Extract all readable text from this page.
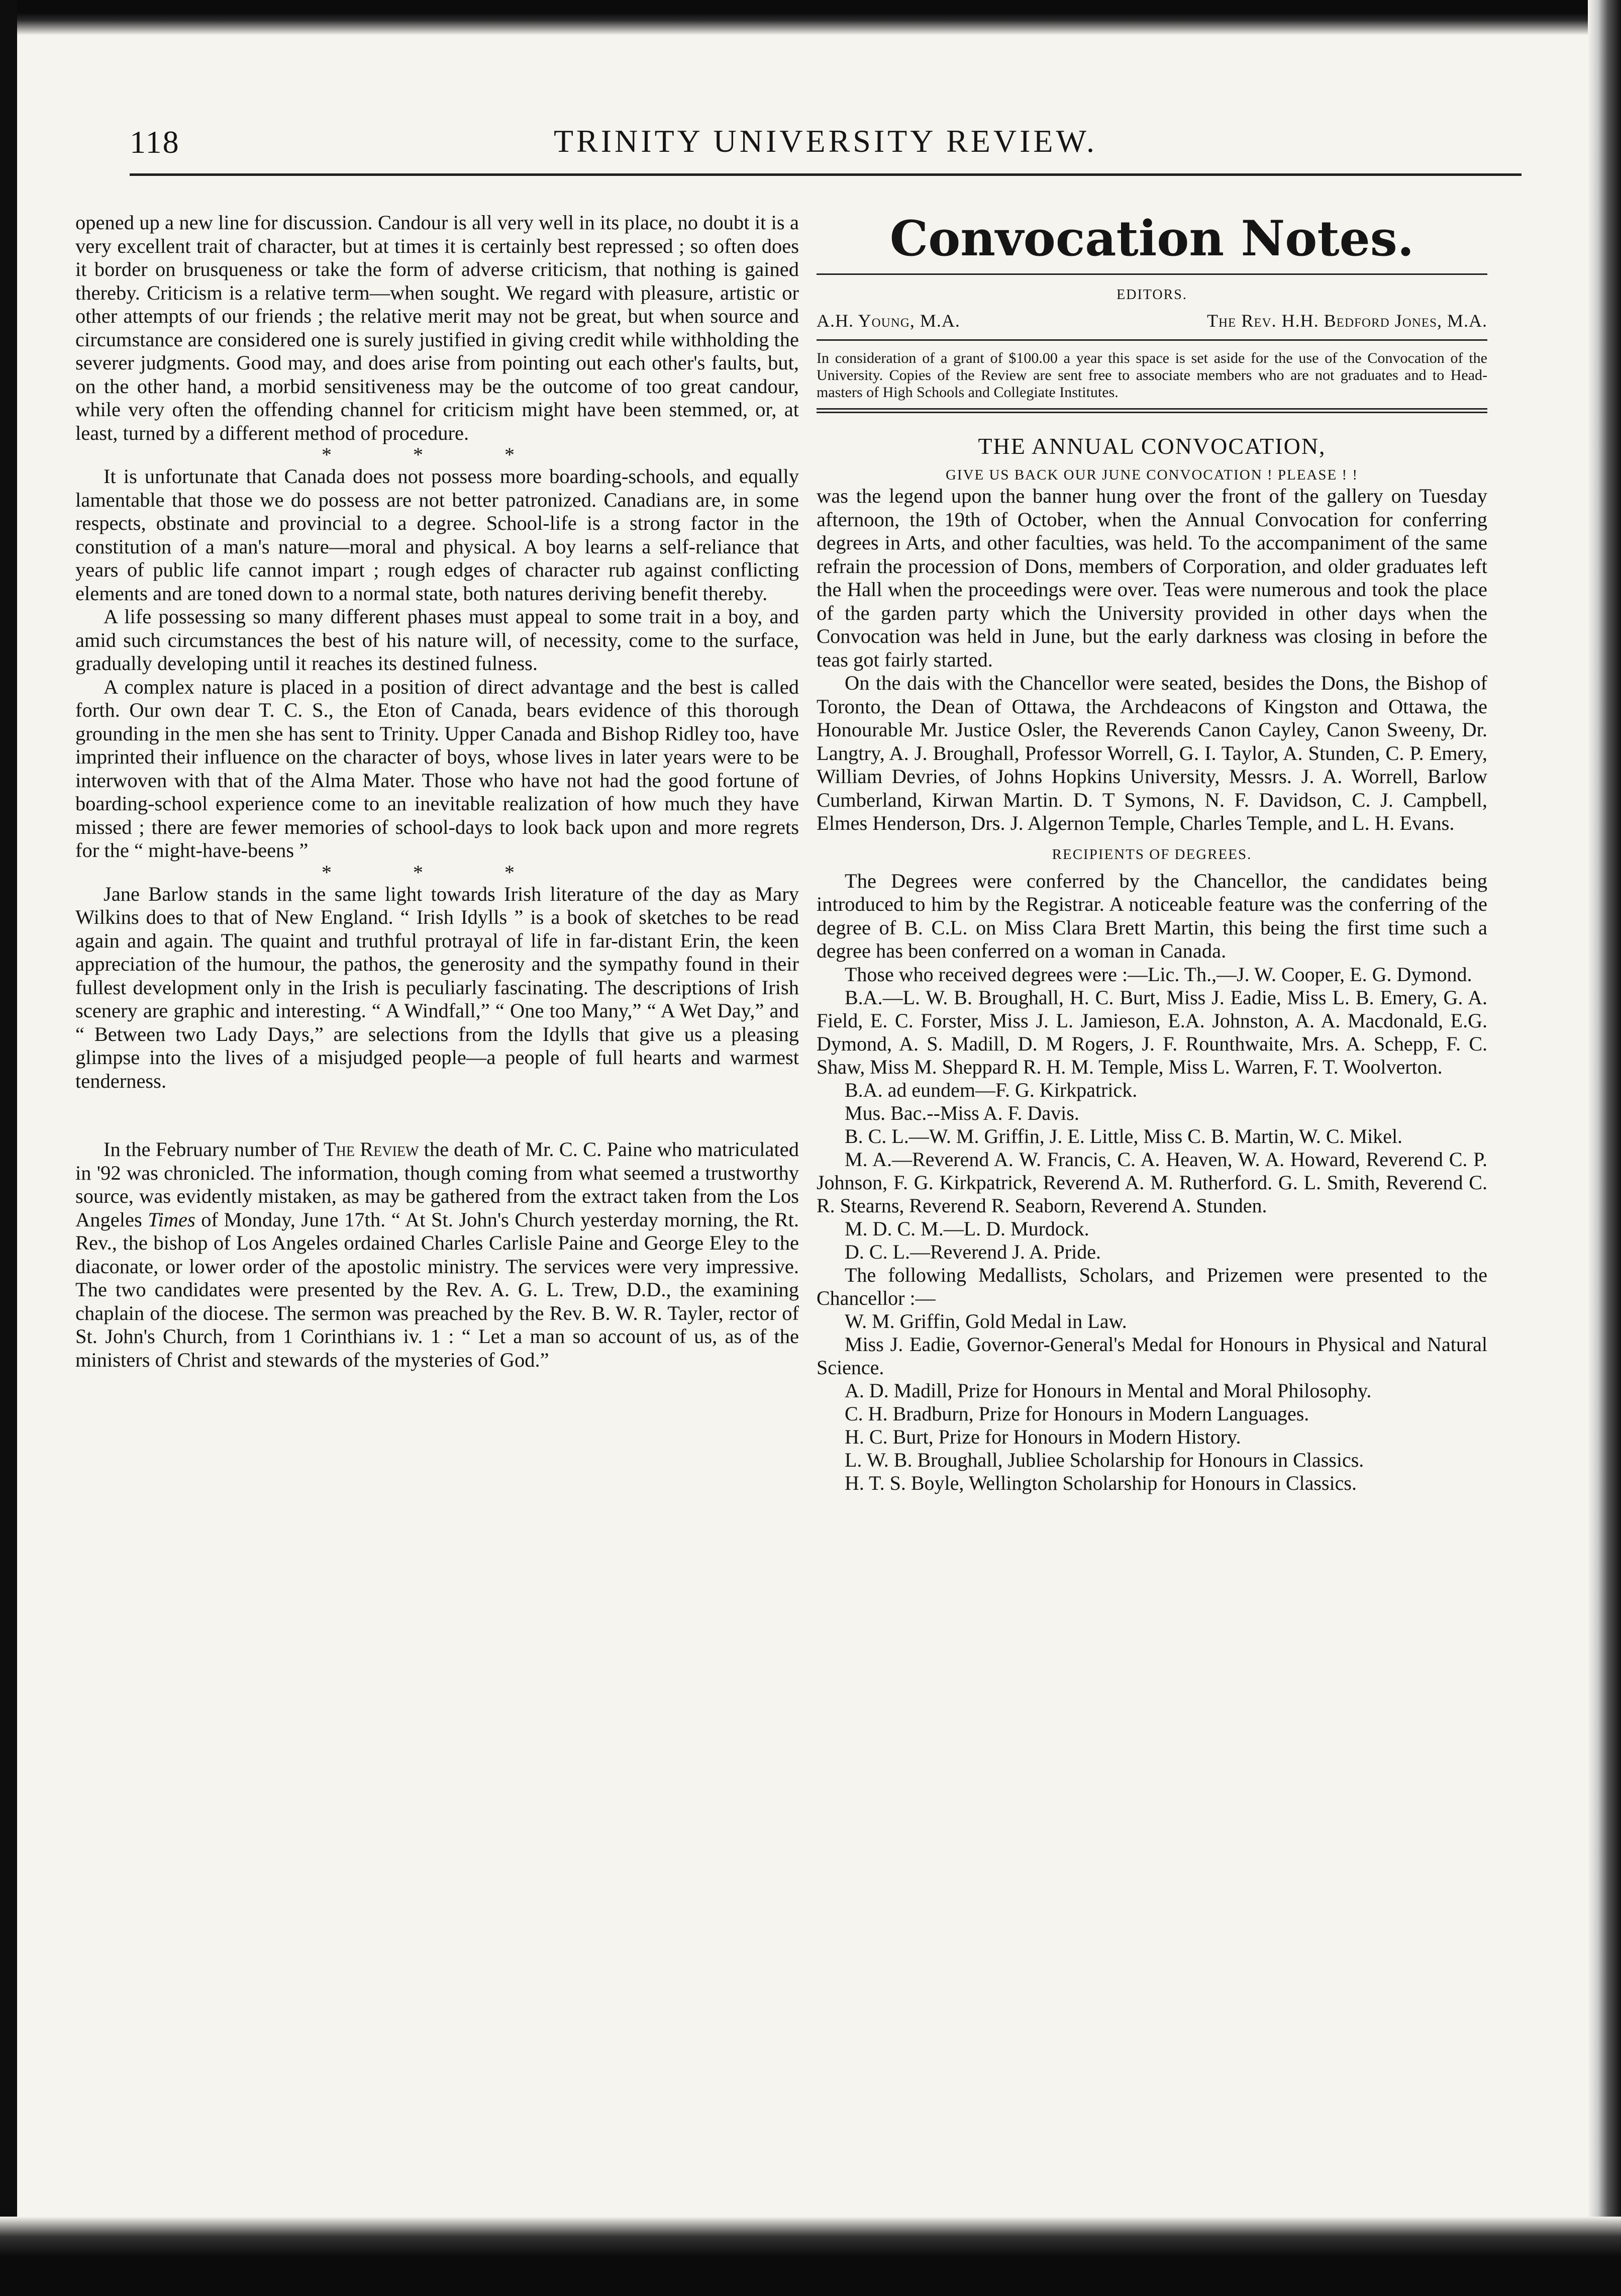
118	TRINITY UNIVERSITY REVIEW.

opened up a new line for discussion. Candour is all very well in its place, no doubt it is a very excellent trait of character, but at times it is certainly best repressed ; so often does it border on brusqueness or take the form of adverse criticism, that nothing is gained thereby. Criticism is a relative term—when sought. We regard with pleasure, artistic or other attempts of our friends ; the relative merit may not be great, but when source and circumstance are considered one is surely justified in giving credit while withholding the severer judgments. Good may, and does arise from pointing out each other's faults, but, on the other hand, a morbid sensitiveness may be the outcome of too great candour, while very often the offending channel for criticism might have been stemmed, or, at least, turned by a different method of procedure.

* * *

It is unfortunate that Canada does not possess more boarding-schools, and equally lamentable that those we do possess are not better patronized. Canadians are, in some respects, obstinate and provincial to a degree. School-life is a strong factor in the constitution of a man's nature—moral and physical. A boy learns a self-reliance that years of public life cannot impart ; rough edges of character rub against conflicting elements and are toned down to a normal state, both natures deriving benefit thereby.

A life possessing so many different phases must appeal to some trait in a boy, and amid such circumstances the best of his nature will, of necessity, come to the surface, gradually developing until it reaches its destined fulness.

A complex nature is placed in a position of direct advantage and the best is called forth. Our own dear T. C. S., the Eton of Canada, bears evidence of this thorough grounding in the men she has sent to Trinity. Upper Canada and Bishop Ridley too, have imprinted their influence on the character of boys, whose lives in later years were to be interwoven with that of the Alma Mater. Those who have not had the good fortune of boarding-school experience come to an inevitable realization of how much they have missed ; there are fewer memories of school-days to look back upon and more regrets for the “ might-have-beens ”

* * *

Jane Barlow stands in the same light towards Irish literature of the day as Mary Wilkins does to that of New England. “ Irish Idylls ” is a book of sketches to be read again and again. The quaint and truthful protrayal of life in far-distant Erin, the keen appreciation of the humour, the pathos, the generosity and the sympathy found in their fullest development only in the Irish is peculiarly fascinating. The descriptions of Irish scenery are graphic and interesting. “ A Windfall,” “ One too Many,” “ A Wet Day,” and “ Between two Lady Days,” are selections from the Idylls that give us a pleasing glimpse into the lives of a misjudged people—a people of full hearts and warmest tenderness.

In the February number of The Review the death of Mr. C. C. Paine who matriculated in '92 was chronicled. The information, though coming from what seemed a trustworthy source, was evidently mistaken, as may be gathered from the extract taken from the Los Angeles Times of Monday, June 17th. “ At St. John's Church yesterday morning, the Rt. Rev., the bishop of Los Angeles ordained Charles Carlisle Paine and George Eley to the diaconate, or lower order of the apostolic ministry. The services were very impressive. The two candidates were presented by the Rev. A. G. L. Trew, D.D., the examining chaplain of the diocese. The sermon was preached by the Rev. B. W. R. Tayler, rector of St. John's Church, from 1 Corinthians iv. 1 : “ Let a man so account of us, as of the ministers of Christ and stewards of the mysteries of God.”

Convocation Notes.
EDITORS.
A.H. Young, M.A.	The Rev. H.H. Bedford Jones, M.A.
In consideration of a grant of $100.00 a year this space is set aside for the use of the Convocation of the University. Copies of the Review are sent free to associate members who are not graduates and to Head-masters of High Schools and Collegiate Institutes.
THE ANNUAL CONVOCATION,
GIVE US BACK OUR JUNE CONVOCATION ! PLEASE ! !

was the legend upon the banner hung over the front of the gallery on Tuesday afternoon, the 19th of October, when the Annual Convocation for conferring degrees in Arts, and other faculties, was held. To the accompaniment of the same refrain the procession of Dons, members of Corporation, and older graduates left the Hall when the proceedings were over. Teas were numerous and took the place of the garden party which the University provided in other days when the Convocation was held in June, but the early darkness was closing in before the teas got fairly started.

On the dais with the Chancellor were seated, besides the Dons, the Bishop of Toronto, the Dean of Ottawa, the Archdeacons of Kingston and Ottawa, the Honourable Mr. Justice Osler, the Reverends Canon Cayley, Canon Sweeny, Dr. Langtry, A. J. Broughall, Professor Worrell, G. I. Taylor, A. Stunden, C. P. Emery, William Devries, of Johns Hopkins University, Messrs. J. A. Worrell, Barlow Cumberland, Kirwan Martin. D. T Symons, N. F. Davidson, C. J. Campbell, Elmes Henderson, Drs. J. Algernon Temple, Charles Temple, and L. H. Evans.

RECIPIENTS OF DEGREES.

The Degrees were conferred by the Chancellor, the candidates being introduced to him by the Registrar. A noticeable feature was the conferring of the degree of B. C.L. on Miss Clara Brett Martin, this being the first time such a degree has been conferred on a woman in Canada.

Those who received degrees were :—Lic. Th.,—J. W. Cooper, E. G. Dymond.

B.A.—L. W. B. Broughall, H. C. Burt, Miss J. Eadie, Miss L. B. Emery, G. A. Field, E. C. Forster, Miss J. L. Jamieson, E.A. Johnston, A. A. Macdonald, E.G. Dymond, A. S. Madill, D. M Rogers, J. F. Rounthwaite, Mrs. A. Schepp, F. C. Shaw, Miss M. Sheppard R. H. M. Temple, Miss L. Warren, F. T. Woolverton.

B.A. ad eundem—F. G. Kirkpatrick.

Mus. Bac.--Miss A. F. Davis.

B. C. L.—W. M. Griffin, J. E. Little, Miss C. B. Martin, W. C. Mikel.

M. A.—Reverend A. W. Francis, C. A. Heaven, W. A. Howard, Reverend C. P. Johnson, F. G. Kirkpatrick, Reverend A. M. Rutherford. G. L. Smith, Reverend C. R. Stearns, Reverend R. Seaborn, Reverend A. Stunden.

M. D. C. M.—L. D. Murdock.

D. C. L.—Reverend J. A. Pride.

The following Medallists, Scholars, and Prizemen were presented to the Chancellor :—

W. M. Griffin, Gold Medal in Law.

Miss J. Eadie, Governor-General's Medal for Honours in Physical and Natural Science.

A. D. Madill, Prize for Honours in Mental and Moral Philosophy.

C. H. Bradburn, Prize for Honours in Modern Languages.

H. C. Burt, Prize for Honours in Modern History.

L. W. B. Broughall, Jubliee Scholarship for Honours in Classics.

H. T. S. Boyle, Wellington Scholarship for Honours in Classics.
